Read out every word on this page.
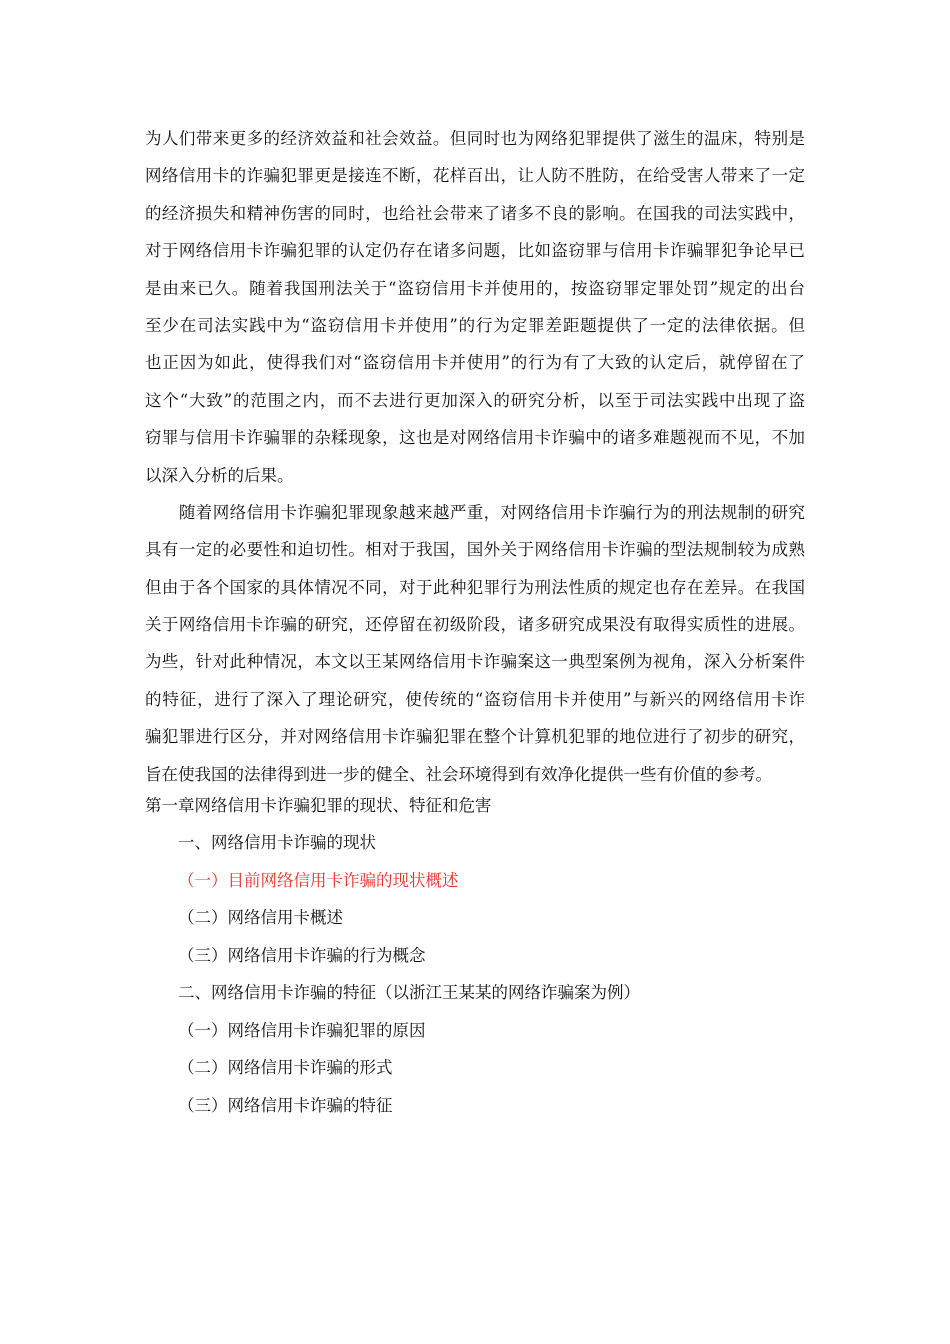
为人们带来更多的经济效益和社会效益。但同时也为网络犯罪提供了滋生的温床，特别是
网络信用卡的诈骗犯罪更是接连不断，花样百出，让人防不胜防，在给受害人带来了一定
的经济损失和精神伤害的同时，也给社会带来了诸多不良的影响。在国我的司法实践中，
对于网络信用卡诈骗犯罪的认定仍存在诸多问题，比如盗窃罪与信用卡诈骗罪犯争论早已
是由来已久。随着我国刑法关于“盗窃信用卡并使用的，按盗窃罪定罪处罚”规定的出台
至少在司法实践中为“盗窃信用卡并使用”的行为定罪差距题提供了一定的法律依据。但
也正因为如此，使得我们对“盗窃信用卡并使用”的行为有了大致的认定后，就停留在了
这个“大致”的范围之内，而不去进行更加深入的研究分析，以至于司法实践中出现了盗
窃罪与信用卡诈骗罪的杂糅现象，这也是对网络信用卡诈骗中的诸多难题视而不见，不加
以深入分析的后果。
　　随着网络信用卡诈骗犯罪现象越来越严重，对网络信用卡诈骗行为的刑法规制的研究
具有一定的必要性和迫切性。相对于我国，国外关于网络信用卡诈骗的型法规制较为成熟
但由于各个国家的具体情况不同，对于此种犯罪行为刑法性质的规定也存在差异。在我国
关于网络信用卡诈骗的研究，还停留在初级阶段，诸多研究成果没有取得实质性的进展。
为些，针对此种情况，本文以王某网络信用卡诈骗案这一典型案例为视角，深入分析案件
的特征，进行了深入了理论研究，使传统的“盗窃信用卡并使用”与新兴的网络信用卡诈
骗犯罪进行区分，并对网络信用卡诈骗犯罪在整个计算机犯罪的地位进行了初步的研究，
旨在使我国的法律得到进一步的健全、社会环境得到有效净化提供一些有价值的参考。
第一章网络信用卡诈骗犯罪的现状、特征和危害
一、网络信用卡诈骗的现状
（一）目前网络信用卡诈骗的现状概述
（二）网络信用卡概述
（三）网络信用卡诈骗的行为概念
二、网络信用卡诈骗的特征（以浙江王某某的网络诈骗案为例）
（一）网络信用卡诈骗犯罪的原因
（二）网络信用卡诈骗的形式
（三）网络信用卡诈骗的特征
